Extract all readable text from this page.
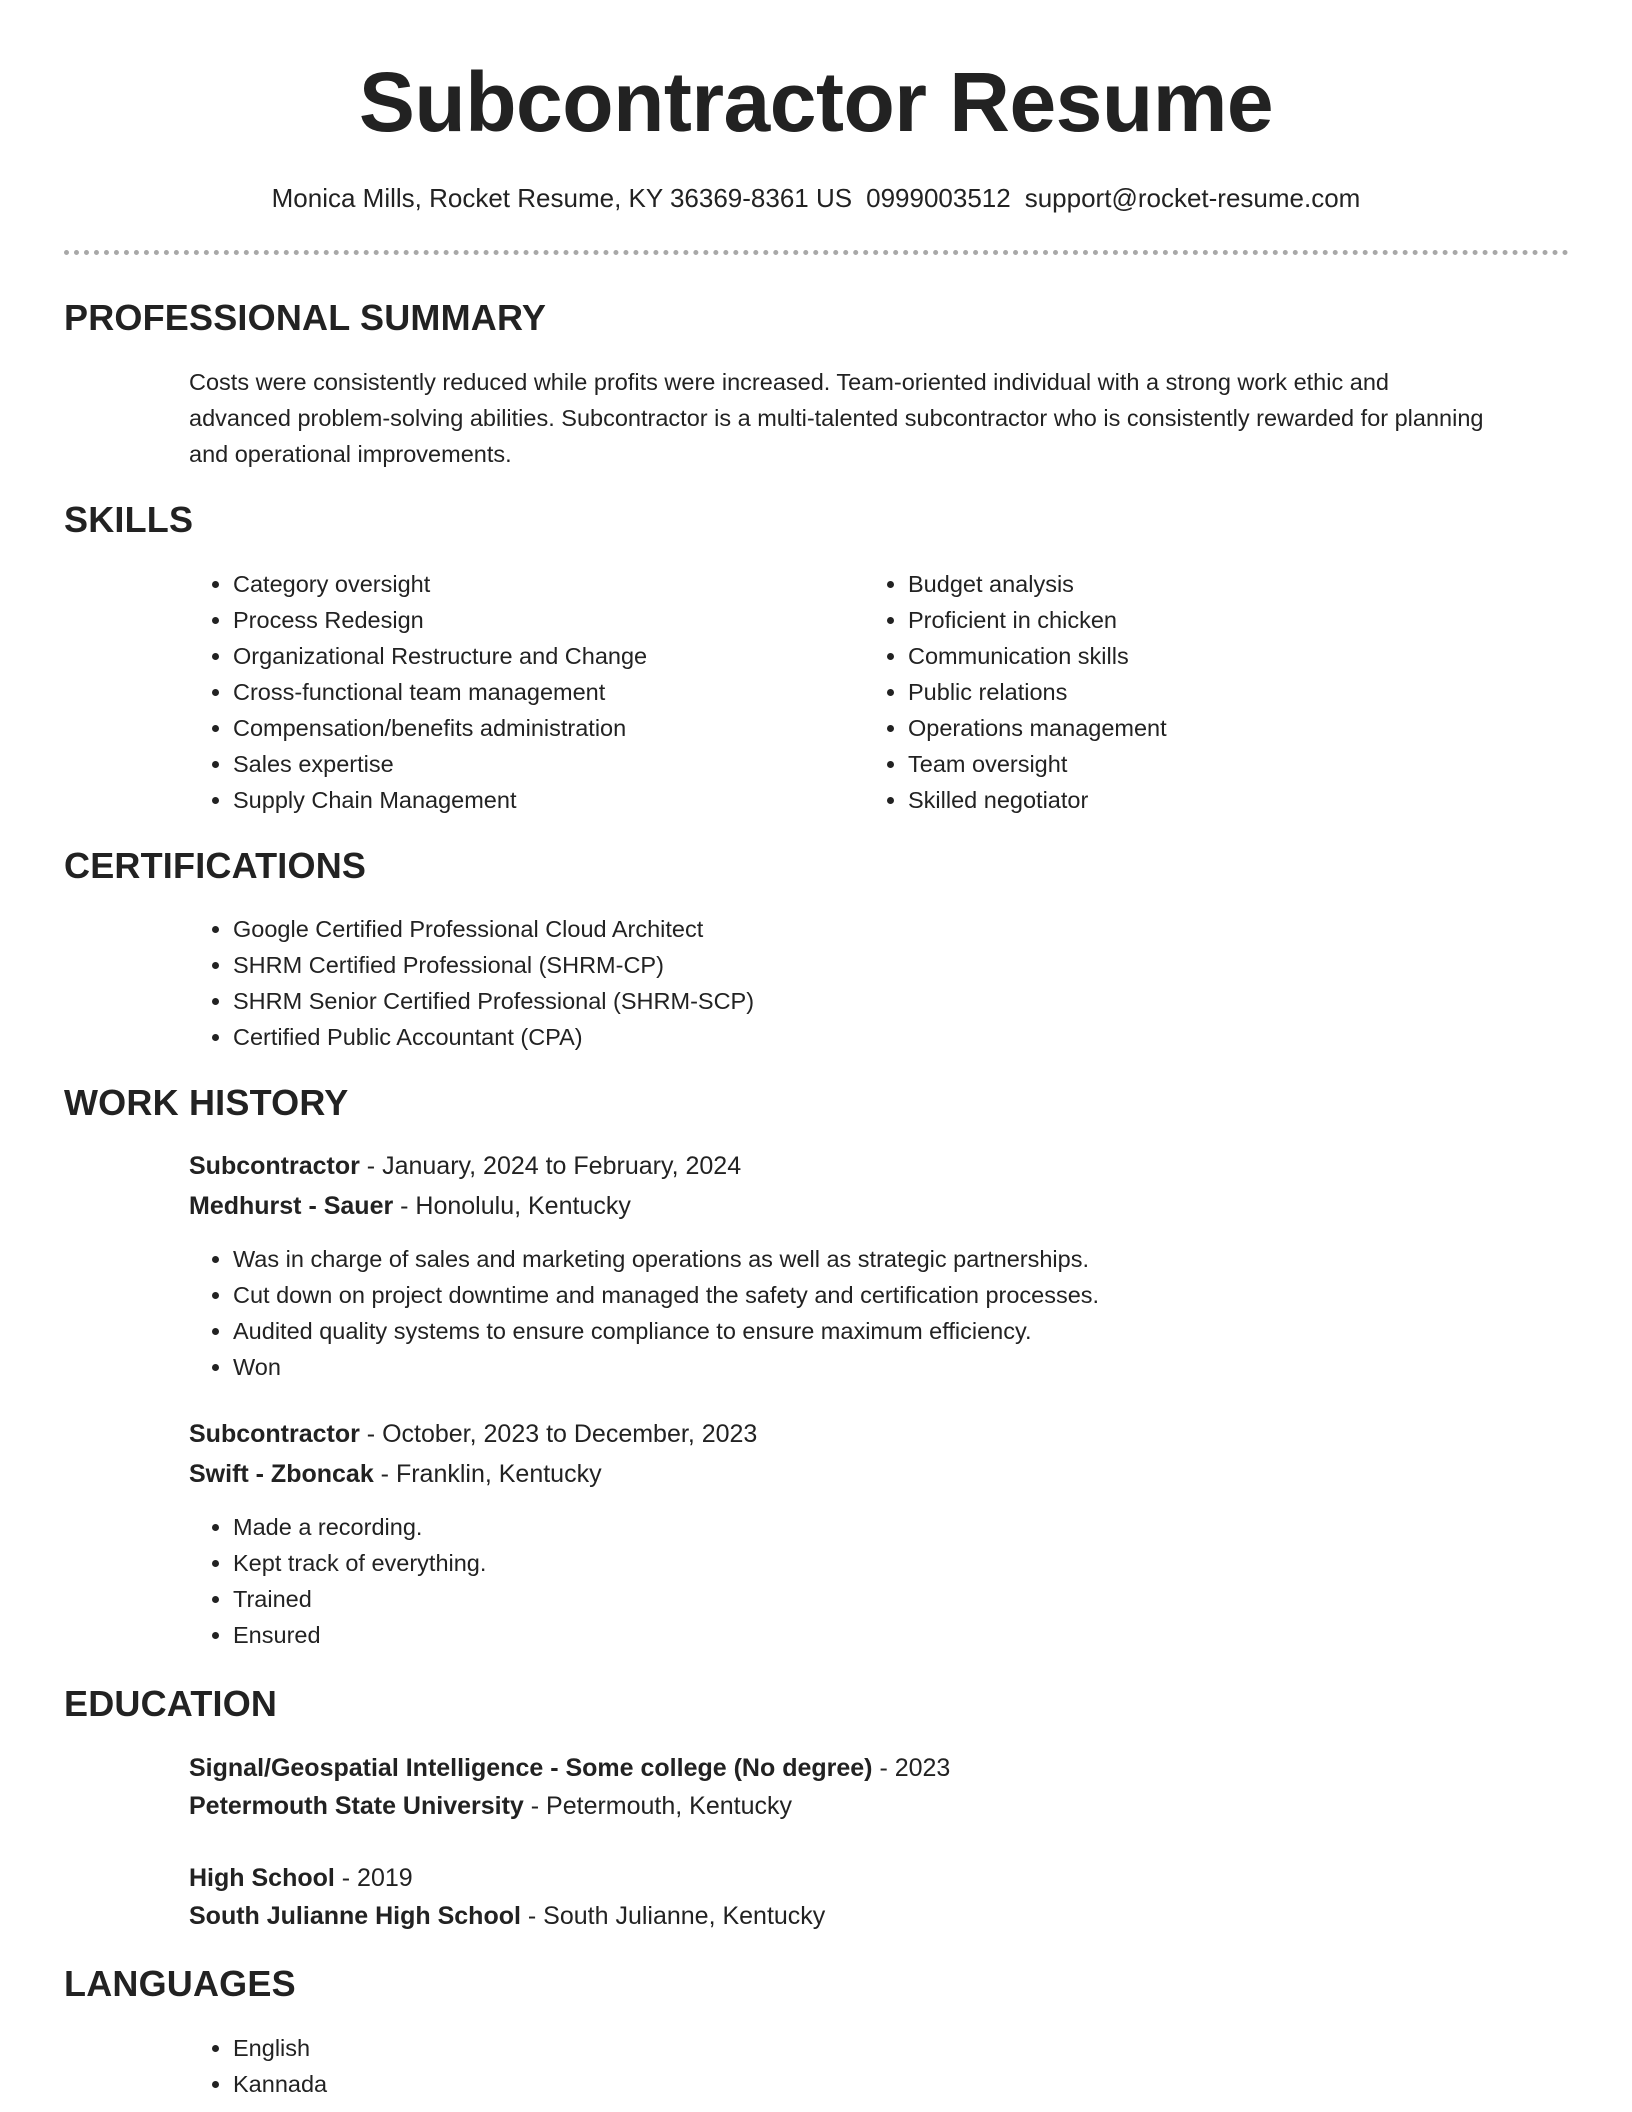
Subcontractor Resume
Monica Mills, Rocket Resume, KY 36369-8361 US 0999003512 support@rocket-resume.com
PROFESSIONAL SUMMARY
Costs were consistently reduced while profits were increased. Team-oriented individual with a strong work ethic and advanced problem-solving abilities. Subcontractor is a multi-talented subcontractor who is consistently rewarded for planning and operational improvements.
SKILLS
• Category oversight
• Process Redesign
• Organizational Restructure and Change
• Cross-functional team management
• Compensation/benefits administration
• Sales expertise
• Supply Chain Management
• Budget analysis
• Proficient in chicken
• Communication skills
• Public relations
• Operations management
• Team oversight
• Skilled negotiator
CERTIFICATIONS
• Google Certified Professional Cloud Architect
• SHRM Certified Professional (SHRM-CP)
• SHRM Senior Certified Professional (SHRM-SCP)
• Certified Public Accountant (CPA)
WORK HISTORY
Subcontractor - January, 2024 to February, 2024
Medhurst - Sauer - Honolulu, Kentucky
• Was in charge of sales and marketing operations as well as strategic partnerships.
• Cut down on project downtime and managed the safety and certification processes.
• Audited quality systems to ensure compliance to ensure maximum efficiency.
• Won
Subcontractor - October, 2023 to December, 2023
Swift - Zboncak - Franklin, Kentucky
• Made a recording.
• Kept track of everything.
• Trained
• Ensured
EDUCATION
Signal/Geospatial Intelligence - Some college (No degree) - 2023
Petermouth State University - Petermouth, Kentucky
High School - 2019
South Julianne High School - South Julianne, Kentucky
LANGUAGES
• English
• Kannada
